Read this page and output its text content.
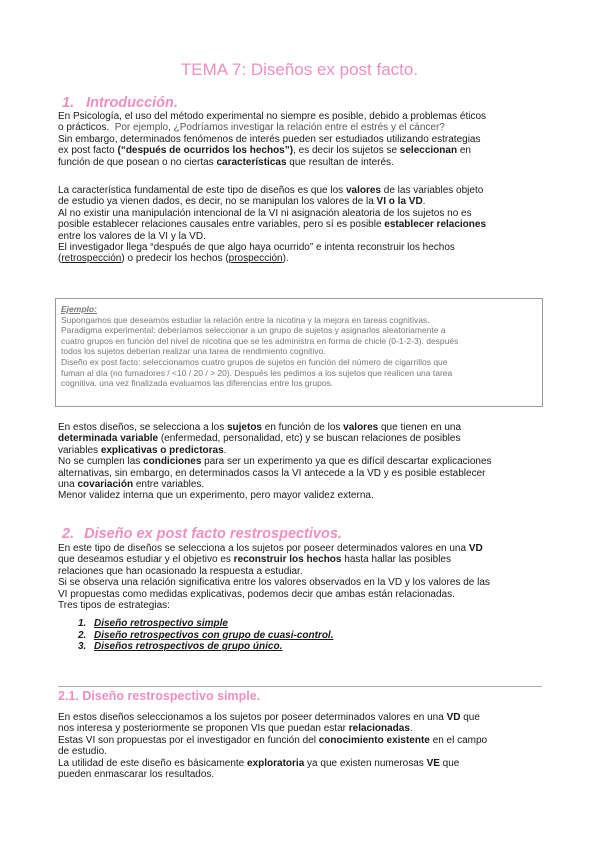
TEMA 7: Diseños ex post facto.
1. Introducción.

En Psicología, el uso del método experimental no siempre es posible, debido a problemas éticos
o prácticos. Por ejemplo, ¿Podríamos investigar la relación entre el estrés y el cáncer?
Sin embargo, determinados fenómenos de interés pueden ser estudiados utilizando estrategias
ex post facto (“después de ocurridos los hechos”), es decir los sujetos se seleccionan en
función de que posean o no ciertas características que resultan de interés.

La característica fundamental de este tipo de diseños es que los valores de las variables objeto
de estudio ya vienen dados, es decir, no se manipulan los valores de la VI o la VD.
Al no existir una manipulación intencional de la VI ni asignación aleatoria de los sujetos no es
posible establecer relaciones causales entre variables, pero sí es posible establecer relaciones
entre los valores de la VI y la VD.
El investigador llega “después de que algo haya ocurrido” e intenta reconstruir los hechos
(retrospección) o predecir los hechos (prospección).

Ejemplo:

Supongamos que deseamos estudiar la relación entre la nicotina y la mejora en tareas cognitivas.

Paradigma experimental: deberíamos seleccionar a un grupo de sujetos y asignarlos aleatoriamente a

cuatro grupos en función del nivel de nicotina que se les administra en forma de chicle (0-1-2-3). después

todos los sujetos deberían realizar una tarea de rendimiento cognitivo.

Diseño ex post facto: seleccionamos cuatro grupos de sujetos en función del número de cigarrillos que

fuman al día (no fumadores / <10 / 20 / > 20). Después les pedimos a los sujetos que realicen una tarea

cognitiva. una vez finalizada evaluamos las diferencias entre los grupos.

En estos diseños, se selecciona a los sujetos en función de los valores que tienen en una
determinada variable (enfermedad, personalidad, etc) y se buscan relaciones de posibles
variables explicativas o predictoras.
No se cumplen las condiciones para ser un experimento ya que es difícil descartar explicaciones
alternativas, sin embargo, en determinados casos la VI antecede a la VD y es posible establecer
una covariación entre variables.
Menor validez interna que un experimento, pero mayor validez externa.

2. Diseño ex post facto restrospectivos.

En este tipo de diseños se selecciona a los sujetos por poseer determinados valores en una VD
que deseamos estudiar y el objetivo es reconstruir los hechos hasta hallar las posibles
relaciones que han ocasionado la respuesta a estudiar.
Si se observa una relación significativa entre los valores observados en la VD y los valores de las
VI propuestas como medidas explicativas, podemos decir que ambas están relacionadas.
Tres tipos de estrategias:

1. Diseño retrospectivo simple
2. Diseño retrospectivos con grupo de cuasi-control.
3. Diseños retrospectivos de grupo único.
2.1. Diseño restrospectivo simple.

En estos diseños seleccionamos a los sujetos por poseer determinados valores en una VD que
nos interesa y posteriormente se proponen VIs que puedan estar relacionadas.
Estas VI son propuestas por el investigador en función del conocimiento existente en el campo
de estudio.
La utilidad de este diseño es básicamente exploratoria ya que existen numerosas VE que
pueden enmascarar los resultados.
